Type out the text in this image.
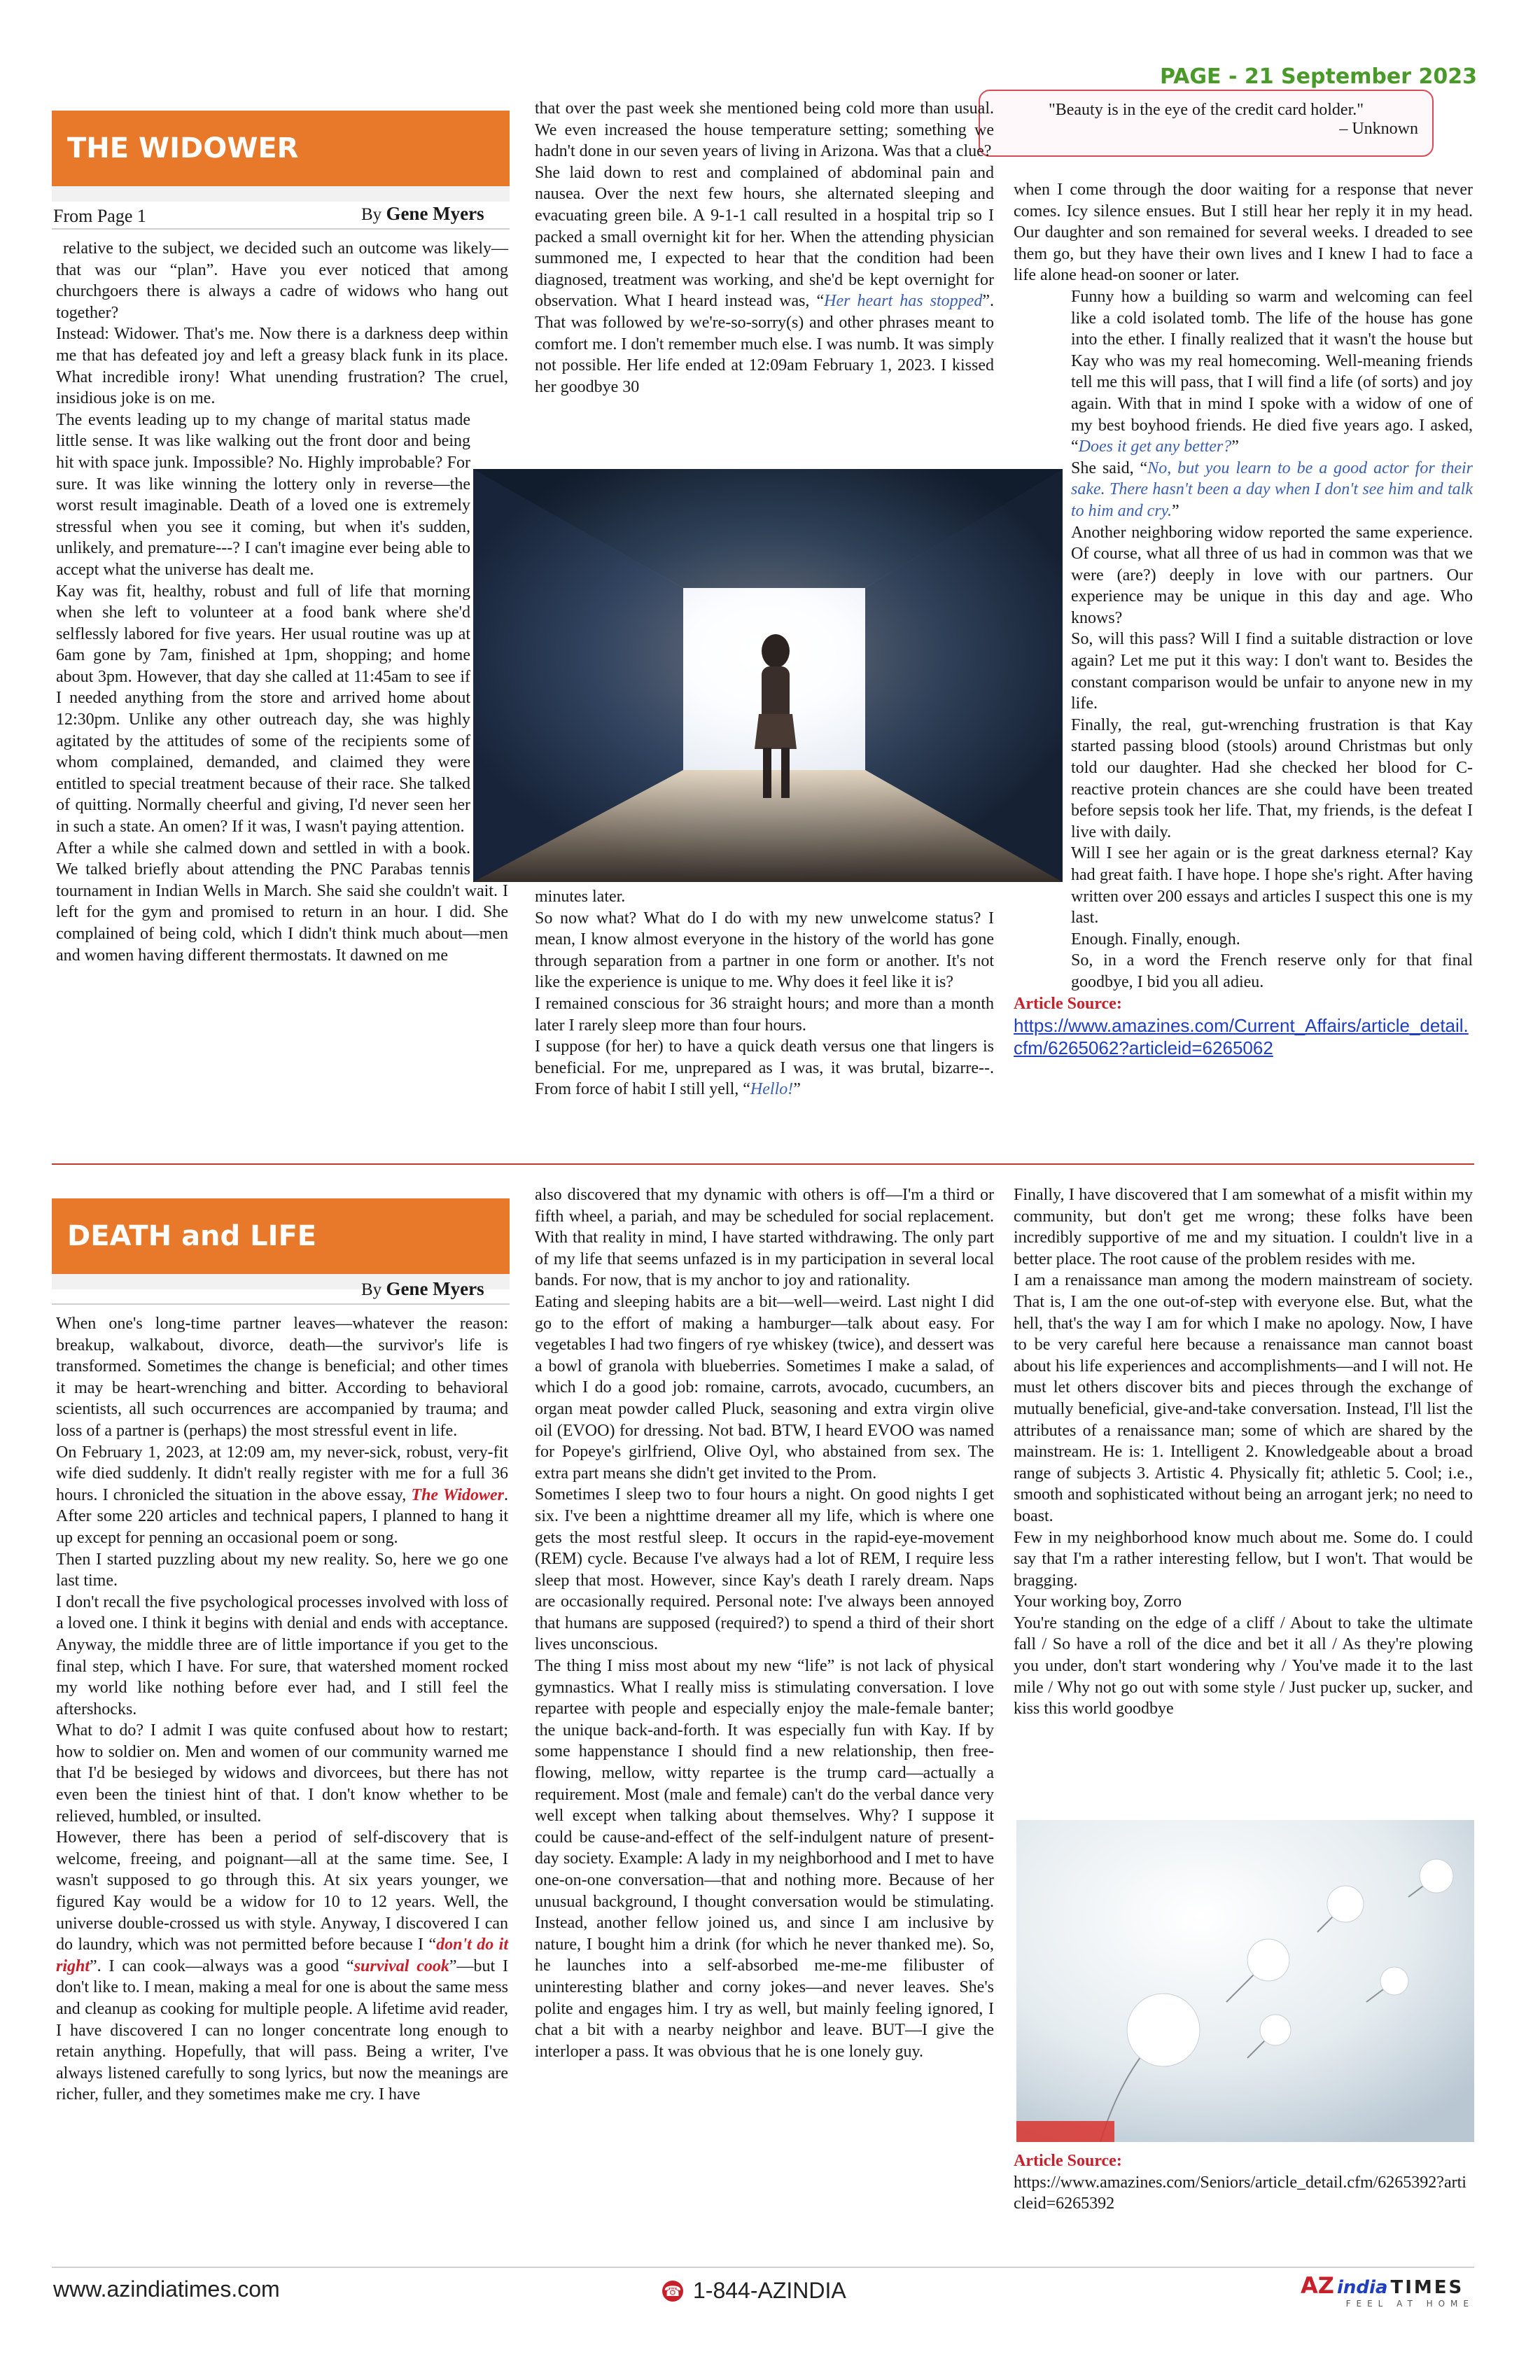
PAGE - 21 September 2023
"Beauty is in the eye of the credit card holder."
– Unknown
THE WIDOWER
From Page 1	By Gene Myers

relative to the subject, we decided such an outcome was likely—that was our “plan”. Have you ever noticed that among churchgoers there is always a cadre of widows who hang out together?

Instead: Widower. That's me. Now there is a darkness deep within me that has defeated joy and left a greasy black funk in its place. What incredible irony! What unending frustration? The cruel, insidious joke is on me.

The events leading up to my change of marital status made little sense. It was like walking out the front door and being hit with space junk. Impossible? No. Highly improbable? For sure. It was like winning the lottery only in reverse—the worst result imaginable. Death of a loved one is extremely stressful when you see it coming, but when it's sudden, unlikely, and premature---? I can't imagine ever being able to accept what the universe has dealt me.

Kay was fit, healthy, robust and full of life that morning when she left to volunteer at a food bank where she'd selflessly labored for five years. Her usual routine was up at 6am gone by 7am, finished at 1pm, shopping; and home about 3pm. However, that day she called at 11:45am to see if I needed anything from the store and arrived home about 12:30pm. Unlike any other outreach day, she was highly agitated by the attitudes of some of the recipients some of whom complained, demanded, and claimed they were entitled to special treatment because of their race. She talked of quitting. Normally cheerful and giving, I'd never seen her in such a state. An omen? If it was, I wasn't paying attention.

After a while she calmed down and settled in with a book. We talked briefly about attending the PNC Parabas tennis tournament in Indian Wells in March. She said she couldn't wait. I left for the gym and promised to return in an hour. I did. She complained of being cold, which I didn't think much about—men and women having different thermostats. It dawned on me

that over the past week she mentioned being cold more than usual. We even increased the house temperature setting; something we hadn't done in our seven years of living in Arizona. Was that a clue?

She laid down to rest and complained of abdominal pain and nausea. Over the next few hours, she alternated sleeping and evacuating green bile. A 9-1-1 call resulted in a hospital trip so I packed a small overnight kit for her. When the attending physician summoned me, I expected to hear that the condition had been diagnosed, treatment was working, and she'd be kept overnight for observation. What I heard instead was, “Her heart has stopped”. That was followed by we're-so-sorry(s) and other phrases meant to comfort me. I don't remember much else. I was numb. It was simply not possible. Her life ended at 12:09am February 1, 2023. I kissed her goodbye 30

minutes later.

So now what? What do I do with my new unwelcome status? I mean, I know almost everyone in the history of the world has gone through separation from a partner in one form or another. It's not like the experience is unique to me. Why does it feel like it is?

I remained conscious for 36 straight hours; and more than a month later I rarely sleep more than four hours.

I suppose (for her) to have a quick death versus one that lingers is beneficial. For me, unprepared as I was, it was brutal, bizarre--. From force of habit I still yell, “Hello!”

when I come through the door waiting for a response that never comes. Icy silence ensues. But I still hear her reply it in my head. Our daughter and son remained for several weeks. I dreaded to see them go, but they have their own lives and I knew I had to face a life alone head-on sooner or later.

Funny how a building so warm and welcoming can feel like a cold isolated tomb. The life of the house has gone into the ether. I finally realized that it wasn't the house but Kay who was my real homecoming. Well-meaning friends tell me this will pass, that I will find a life (of sorts) and joy again. With that in mind I spoke with a widow of one of my best boyhood friends. He died five years ago. I asked, “Does it get any better?”

She said, “No, but you learn to be a good actor for their sake. There hasn't been a day when I don't see him and talk to him and cry.”

Another neighboring widow reported the same experience. Of course, what all three of us had in common was that we were (are?) deeply in love with our partners. Our experience may be unique in this day and age. Who knows?

So, will this pass? Will I find a suitable distraction or love again? Let me put it this way: I don't want to. Besides the constant comparison would be unfair to anyone new in my life.

Finally, the real, gut-wrenching frustration is that Kay started passing blood (stools) around Christmas but only told our daughter. Had she checked her blood for C-reactive protein chances are she could have been treated before sepsis took her life. That, my friends, is the defeat I live with daily.

Will I see her again or is the great darkness eternal? Kay had great faith. I have hope. I hope she's right. After having written over 200 essays and articles I suspect this one is my last.

Enough. Finally, enough.

So, in a word the French reserve only for that final goodbye, I bid you all adieu.

Article Source:

https://www.amazines.com/Current_Affairs/article_detail.cfm/6265062?articleid=6265062

DEATH and LIFE
By Gene Myers

When one's long-time partner leaves—whatever the reason: breakup, walkabout, divorce, death—the survivor's life is transformed. Sometimes the change is beneficial; and other times it may be heart-wrenching and bitter. According to behavioral scientists, all such occurrences are accompanied by trauma; and loss of a partner is (perhaps) the most stressful event in life.

On February 1, 2023, at 12:09 am, my never-sick, robust, very-fit wife died suddenly. It didn't really register with me for a full 36 hours. I chronicled the situation in the above essay, The Widower. After some 220 articles and technical papers, I planned to hang it up except for penning an occasional poem or song.

Then I started puzzling about my new reality. So, here we go one last time.

I don't recall the five psychological processes involved with loss of a loved one. I think it begins with denial and ends with acceptance. Anyway, the middle three are of little importance if you get to the final step, which I have. For sure, that watershed moment rocked my world like nothing before ever had, and I still feel the aftershocks.

What to do? I admit I was quite confused about how to restart; how to soldier on. Men and women of our community warned me that I'd be besieged by widows and divorcees, but there has not even been the tiniest hint of that. I don't know whether to be relieved, humbled, or insulted.

However, there has been a period of self-discovery that is welcome, freeing, and poignant—all at the same time. See, I wasn't supposed to go through this. At six years younger, we figured Kay would be a widow for 10 to 12 years. Well, the universe double-crossed us with style. Anyway, I discovered I can do laundry, which was not permitted before because I “don't do it right”. I can cook—always was a good “survival cook”—but I don't like to. I mean, making a meal for one is about the same mess and cleanup as cooking for multiple people. A lifetime avid reader, I have discovered I can no longer concentrate long enough to retain anything. Hopefully, that will pass. Being a writer, I've always listened carefully to song lyrics, but now the meanings are richer, fuller, and they sometimes make me cry. I have

also discovered that my dynamic with others is off—I'm a third or fifth wheel, a pariah, and may be scheduled for social replacement. With that reality in mind, I have started withdrawing. The only part of my life that seems unfazed is in my participation in several local bands. For now, that is my anchor to joy and rationality.

Eating and sleeping habits are a bit—well—weird. Last night I did go to the effort of making a hamburger—talk about easy. For vegetables I had two fingers of rye whiskey (twice), and dessert was a bowl of granola with blueberries. Sometimes I make a salad, of which I do a good job: romaine, carrots, avocado, cucumbers, an organ meat powder called Pluck, seasoning and extra virgin olive oil (EVOO) for dressing. Not bad. BTW, I heard EVOO was named for Popeye's girlfriend, Olive Oyl, who abstained from sex. The extra part means she didn't get invited to the Prom.

Sometimes I sleep two to four hours a night. On good nights I get six. I've been a nighttime dreamer all my life, which is where one gets the most restful sleep. It occurs in the rapid-eye-movement (REM) cycle. Because I've always had a lot of REM, I require less sleep that most. However, since Kay's death I rarely dream. Naps are occasionally required. Personal note: I've always been annoyed that humans are supposed (required?) to spend a third of their short lives unconscious.

The thing I miss most about my new “life” is not lack of physical gymnastics. What I really miss is stimulating conversation. I love repartee with people and especially enjoy the male-female banter; the unique back-and-forth. It was especially fun with Kay. If by some happenstance I should find a new relationship, then free-flowing, mellow, witty repartee is the trump card—actually a requirement. Most (male and female) can't do the verbal dance very well except when talking about themselves. Why? I suppose it could be cause-and-effect of the self-indulgent nature of present-day society. Example: A lady in my neighborhood and I met to have one-on-one conversation—that and nothing more. Because of her unusual background, I thought conversation would be stimulating. Instead, another fellow joined us, and since I am inclusive by nature, I bought him a drink (for which he never thanked me). So, he launches into a self-absorbed me-me-me filibuster of uninteresting blather and corny jokes—and never leaves. She's polite and engages him. I try as well, but mainly feeling ignored, I chat a bit with a nearby neighbor and leave. BUT—I give the interloper a pass. It was obvious that he is one lonely guy.

Finally, I have discovered that I am somewhat of a misfit within my community, but don't get me wrong; these folks have been incredibly supportive of me and my situation. I couldn't live in a better place. The root cause of the problem resides with me.

I am a renaissance man among the modern mainstream of society. That is, I am the one out-of-step with everyone else. But, what the hell, that's the way I am for which I make no apology. Now, I have to be very careful here because a renaissance man cannot boast about his life experiences and accomplishments—and I will not. He must let others discover bits and pieces through the exchange of mutually beneficial, give-and-take conversation. Instead, I'll list the attributes of a renaissance man; some of which are shared by the mainstream. He is: 1. Intelligent 2. Knowledgeable about a broad range of subjects 3. Artistic 4. Physically fit; athletic 5. Cool; i.e., smooth and sophisticated without being an arrogant jerk; no need to boast.

Few in my neighborhood know much about me. Some do. I could say that I'm a rather interesting fellow, but I won't. That would be bragging.

Your working boy, Zorro

You're standing on the edge of a cliff / About to take the ultimate fall / So have a roll of the dice and bet it all / As they're plowing you under, don't start wondering why / You've made it to the last mile / Why not go out with some style / Just pucker up, sucker, and kiss this world goodbye

Article Source:

https://www.amazines.com/Seniors/article_detail.cfm/6265392?articleid=6265392

www.azindiatimes.com	☎ 1-844-AZINDIA	AZ india TIMES
FEEL AT HOME
